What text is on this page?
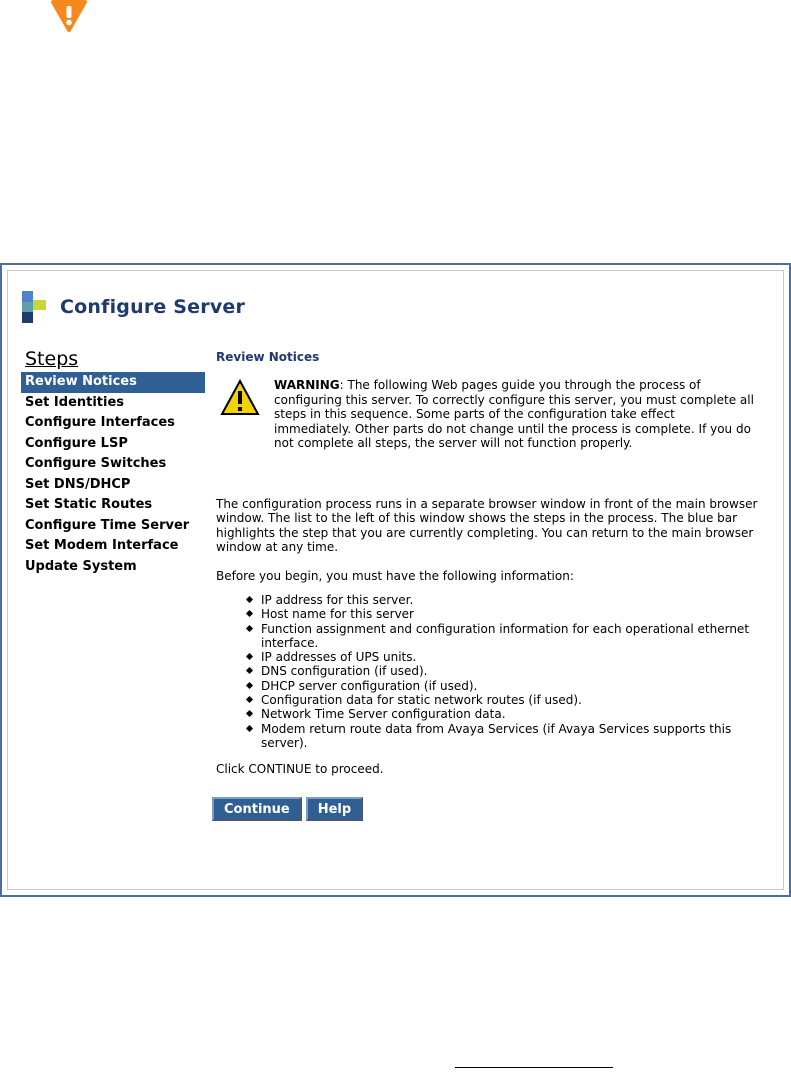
Configure Server
Steps
Review Notices
Set Identities
Configure Interfaces
Configure LSP
Configure Switches
Set DNS/DHCP
Set Static Routes
Configure Time Server
Set Modem Interface
Update System
Review Notices
WARNING: The following Web pages guide you through the process of configuring this server. To correctly configure this server, you must complete all steps in this sequence. Some parts of the configuration take effect immediately. Other parts do not change until the process is complete. If you do not complete all steps, the server will not function properly.
The configuration process runs in a separate browser window in front of the main browser window. The list to the left of this window shows the steps in the process. The blue bar highlights the step that you are currently completing. You can return to the main browser window at any time.
Before you begin, you must have the following information:
IP address for this server.
Host name for this server
Function assignment and configuration information for each operational ethernet interface.
IP addresses of UPS units.
DNS configuration (if used).
DHCP server configuration (if used).
Configuration data for static network routes (if used).
Network Time Server configuration data.
Modem return route data from Avaya Services (if Avaya Services supports this server).
Click CONTINUE to proceed.
Continue	Help
